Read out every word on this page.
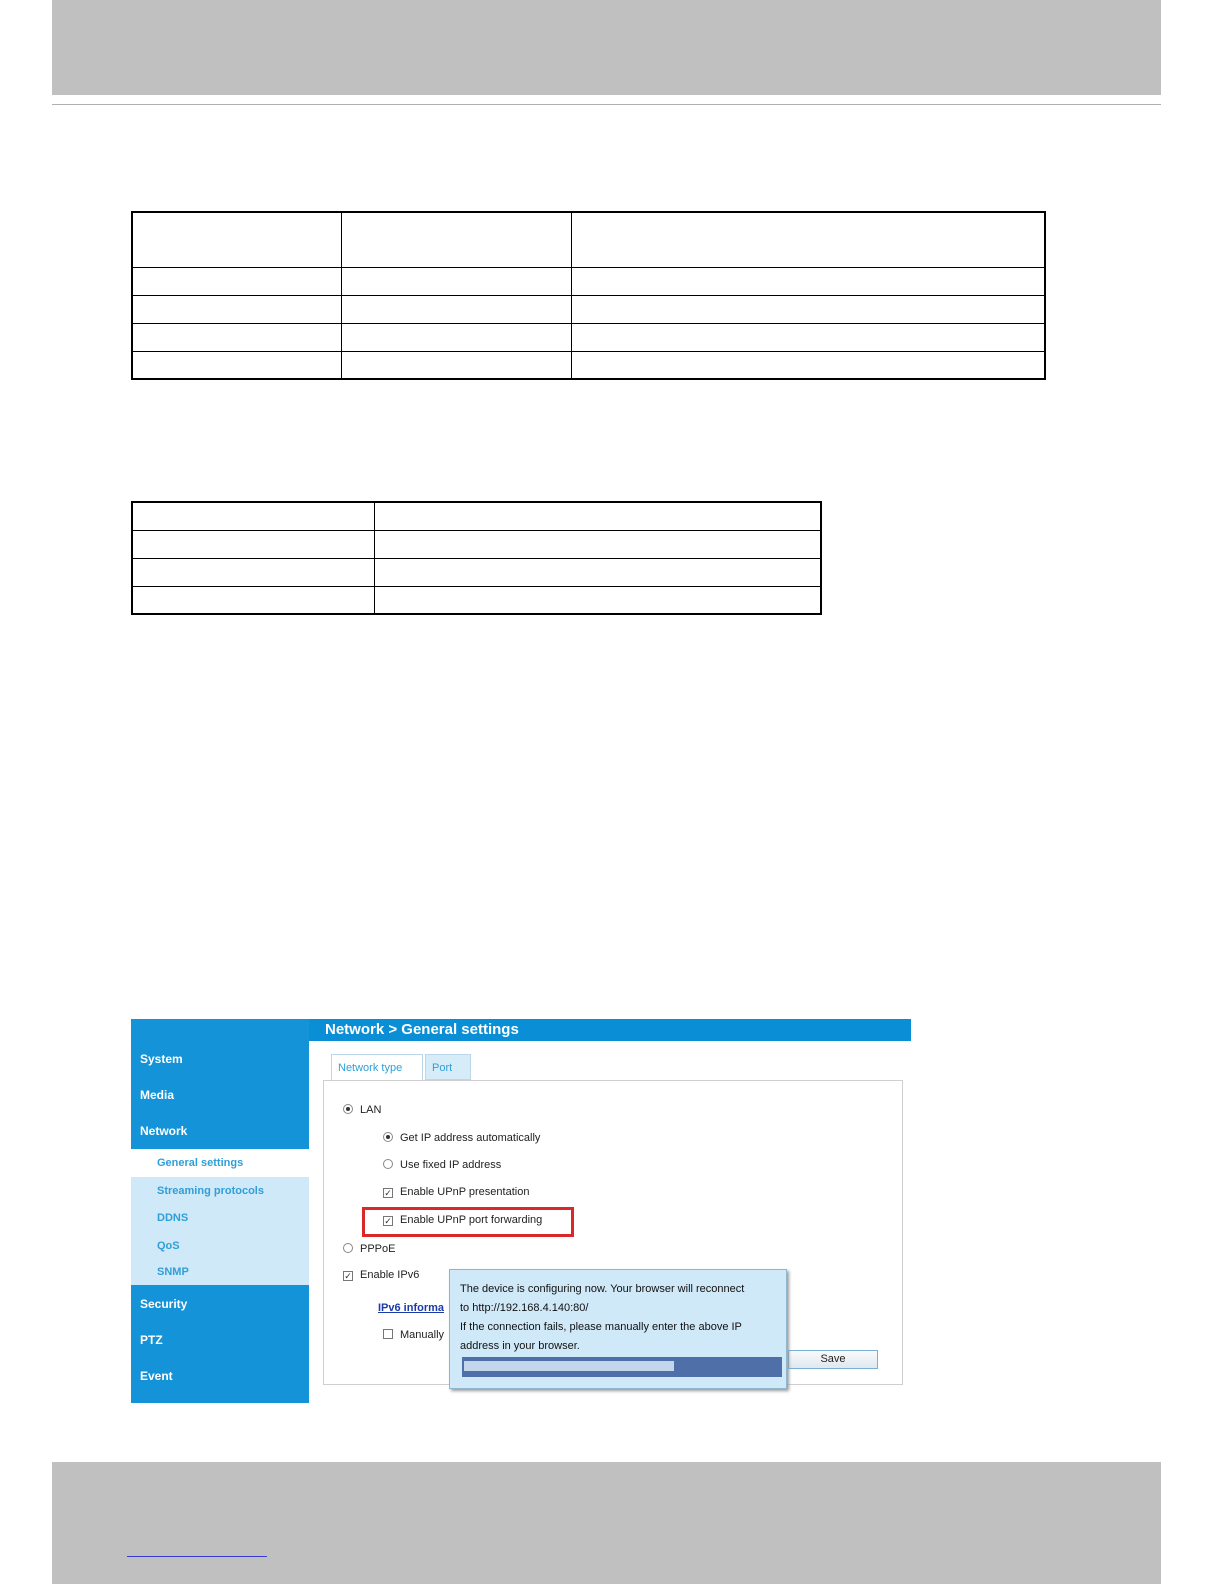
System
Media
Network
General settings
Streaming protocols
DDNS
QoS
SNMP
Security
PTZ
Event
Network > General settings
Network type	Port
LAN
Get IP address automatically
Use fixed IP address
✓ Enable UPnP presentation
✓ Enable UPnP port forwarding
PPPoE
✓ Enable IPv6
IPv6 informa
Manually
Save

The device is configuring now. Your browser will reconnect

to http://192.168.4.140:80/

If the connection fails, please manually enter the above IP

address in your browser.
